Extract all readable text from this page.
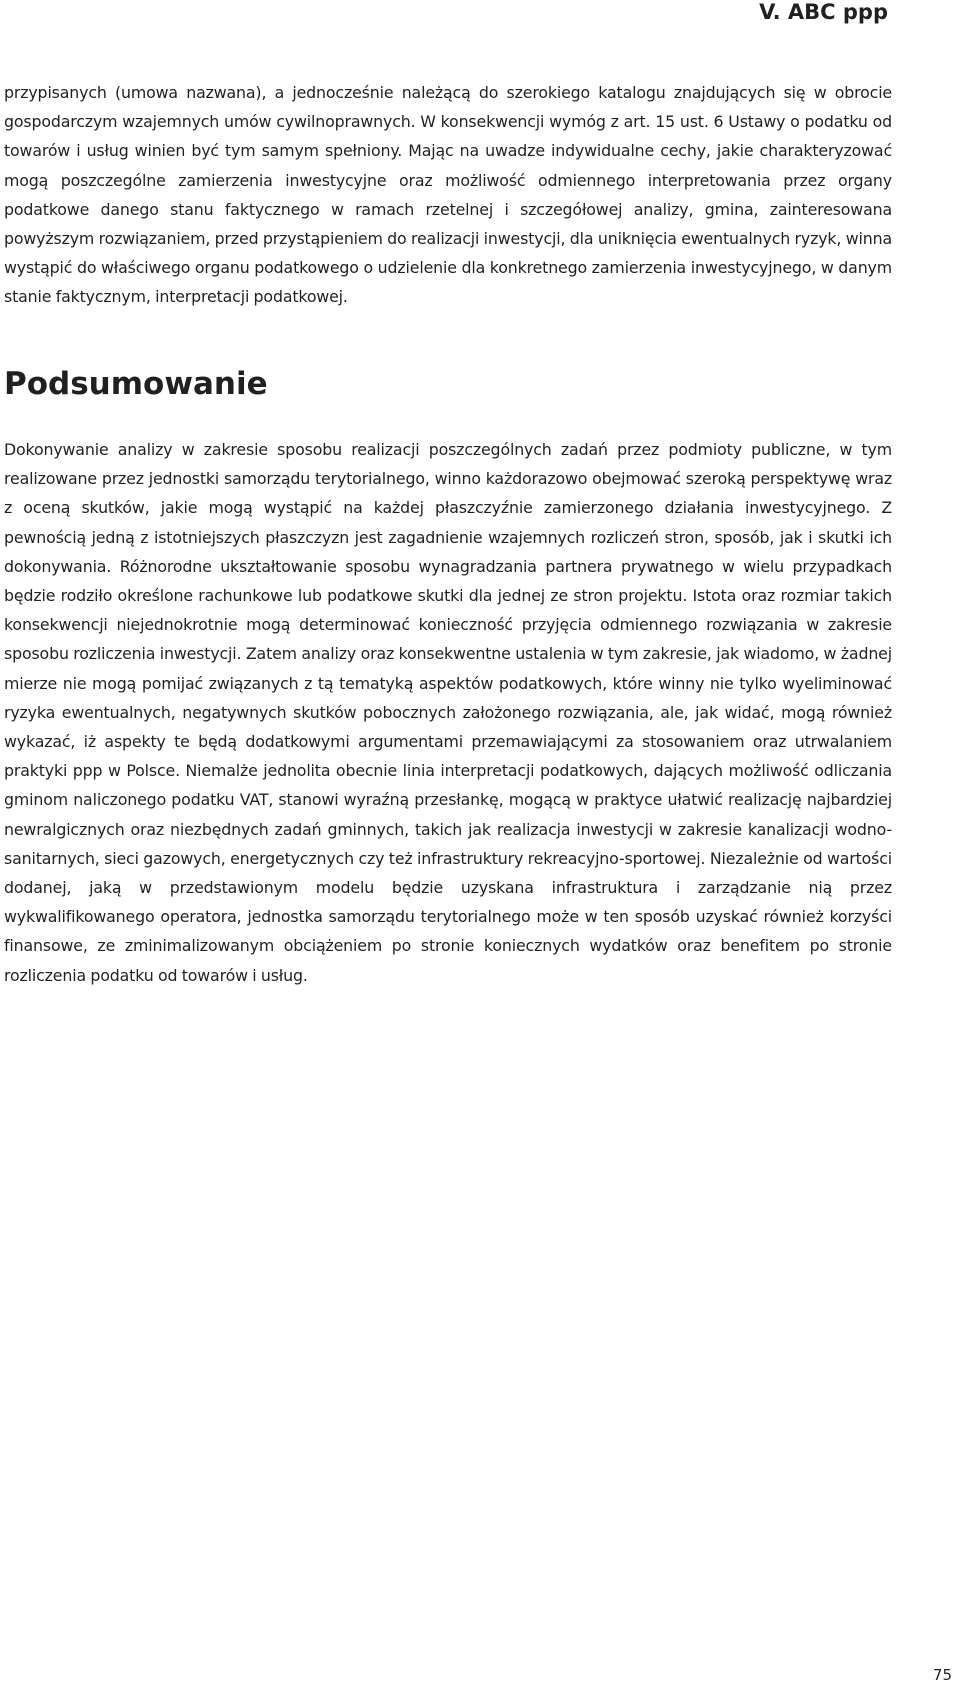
V. ABC ppp

przypisanych (umowa nazwana), a jednocześnie należącą do szerokiego katalogu znajdujących się w obrocie gospodarczym wzajemnych umów cywilnoprawnych. W konsekwencji wymóg z art. 15 ust. 6 Ustawy o podatku od towarów i usług winien być tym samym spełniony. Mając na uwadze indywidualne cechy, jakie charakteryzować mogą poszczególne zamierzenia inwestycyjne oraz możliwość odmiennego interpretowania przez organy podatkowe danego stanu faktycznego w ramach rzetelnej i szczegółowej analizy, gmina, zainteresowana powyższym rozwiązaniem, przed przystąpieniem do realizacji inwestycji, dla uniknięcia ewentualnych ryzyk, winna wystąpić do właściwego organu podatkowego o udzielenie dla konkretnego zamierzenia inwestycyjnego, w danym stanie faktycznym, interpretacji podatkowej.

Podsumowanie

Dokonywanie analizy w zakresie sposobu realizacji poszczególnych zadań przez podmioty publiczne, w tym realizowane przez jednostki samorządu terytorialnego, winno każdorazowo obejmować szeroką perspektywę wraz z oceną skutków, jakie mogą wystąpić na każdej płaszczyźnie zamierzonego działania inwestycyjnego. Z pewnością jedną z istotniejszych płaszczyzn jest zagadnienie wzajemnych rozliczeń stron, sposób, jak i skutki ich dokonywania. Różnorodne ukształtowanie sposobu wynagradzania partnera prywatnego w wielu przypadkach będzie rodziło określone rachunkowe lub podatkowe skutki dla jednej ze stron projektu. Istota oraz rozmiar takich konsekwencji niejednokrotnie mogą determinować konieczność przyjęcia odmiennego rozwiązania w zakresie sposobu rozliczenia inwestycji. Zatem analizy oraz konsekwentne ustalenia w tym zakresie, jak wiadomo, w żadnej mierze nie mogą pomijać związanych z tą tematyką aspektów podatkowych, które winny nie tylko wyeliminować ryzyka ewentualnych, negatywnych skutków pobocznych założonego rozwiązania, ale, jak widać, mogą również wykazać, iż aspekty te będą dodatkowymi argumentami przemawiającymi za stosowaniem oraz utrwalaniem praktyki ppp w Polsce. Niemalże jednolita obecnie linia interpretacji podatkowych, dających możliwość odliczania gminom naliczonego podatku VAT, stanowi wyraźną przesłankę, mogącą w praktyce ułatwić realizację najbardziej newralgicznych oraz niezbędnych zadań gminnych, takich jak realizacja inwestycji w zakresie kanalizacji wodno-sanitarnych, sieci gazowych, energetycznych czy też infrastruktury rekreacyjno-sportowej. Niezależnie od wartości dodanej, jaką w przedstawionym modelu będzie uzyskana infrastruktura i zarządzanie nią przez wykwalifikowanego operatora, jednostka samorządu terytorialnego może w ten sposób uzyskać również korzyści finansowe, ze zminimalizowanym obciążeniem po stronie koniecznych wydatków oraz benefitem po stronie rozliczenia podatku od towarów i usług.

75
